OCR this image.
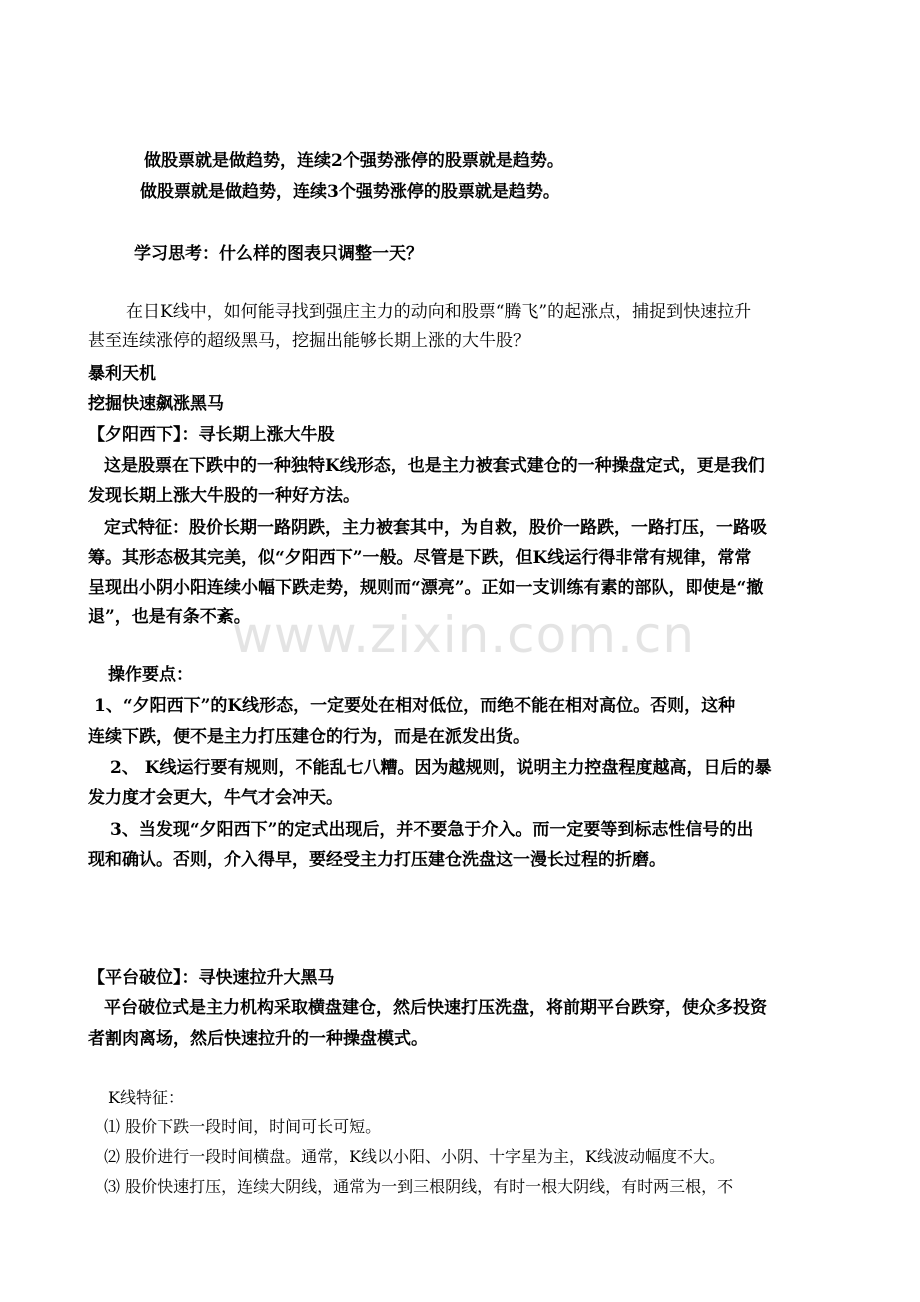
www.zixin.com.cn
做股票就是做趋势，连续2个强势涨停的股票就是趋势。
做股票就是做趋势，连续3个强势涨停的股票就是趋势。
学习思考：什么样的图表只调整一天？
在日K线中，如何能寻找到强庄主力的动向和股票“腾飞”的起涨点，捕捉到快速拉升
甚至连续涨停的超级黑马，挖掘出能够长期上涨的大牛股？
暴利天机
挖掘快速飙涨黑马
【夕阳西下】：寻长期上涨大牛股
这是股票在下跌中的一种独特K线形态，也是主力被套式建仓的一种操盘定式，更是我们
发现长期上涨大牛股的一种好方法。
定式特征：股价长期一路阴跌，主力被套其中，为自救，股价一路跌，一路打压，一路吸
筹。其形态极其完美，似“夕阳西下”一般。尽管是下跌，但K线运行得非常有规律，常常
呈现出小阴小阳连续小幅下跌走势，规则而“漂亮”。正如一支训练有素的部队，即使是“撤
退”，也是有条不紊。
操作要点：
1、“夕阳西下”的K线形态，一定要处在相对低位，而绝不能在相对高位。否则，这种
连续下跌，便不是主力打压建仓的行为，而是在派发出货。
2、 K线运行要有规则，不能乱七八糟。因为越规则，说明主力控盘程度越高，日后的暴
发力度才会更大，牛气才会冲天。
3、当发现“夕阳西下”的定式出现后，并不要急于介入。而一定要等到标志性信号的出
现和确认。否则，介入得早，要经受主力打压建仓洗盘这一漫长过程的折磨。
【平台破位】：寻快速拉升大黑马
平台破位式是主力机构采取横盘建仓，然后快速打压洗盘，将前期平台跌穿，使众多投资
者割肉离场，然后快速拉升的一种操盘模式。
K线特征：
⑴ 股价下跌一段时间，时间可长可短。
⑵ 股价进行一段时间横盘。通常，K线以小阳、小阴、十字星为主，K线波动幅度不大。
⑶ 股价快速打压，连续大阴线，通常为一到三根阴线，有时一根大阴线，有时两三根，不
